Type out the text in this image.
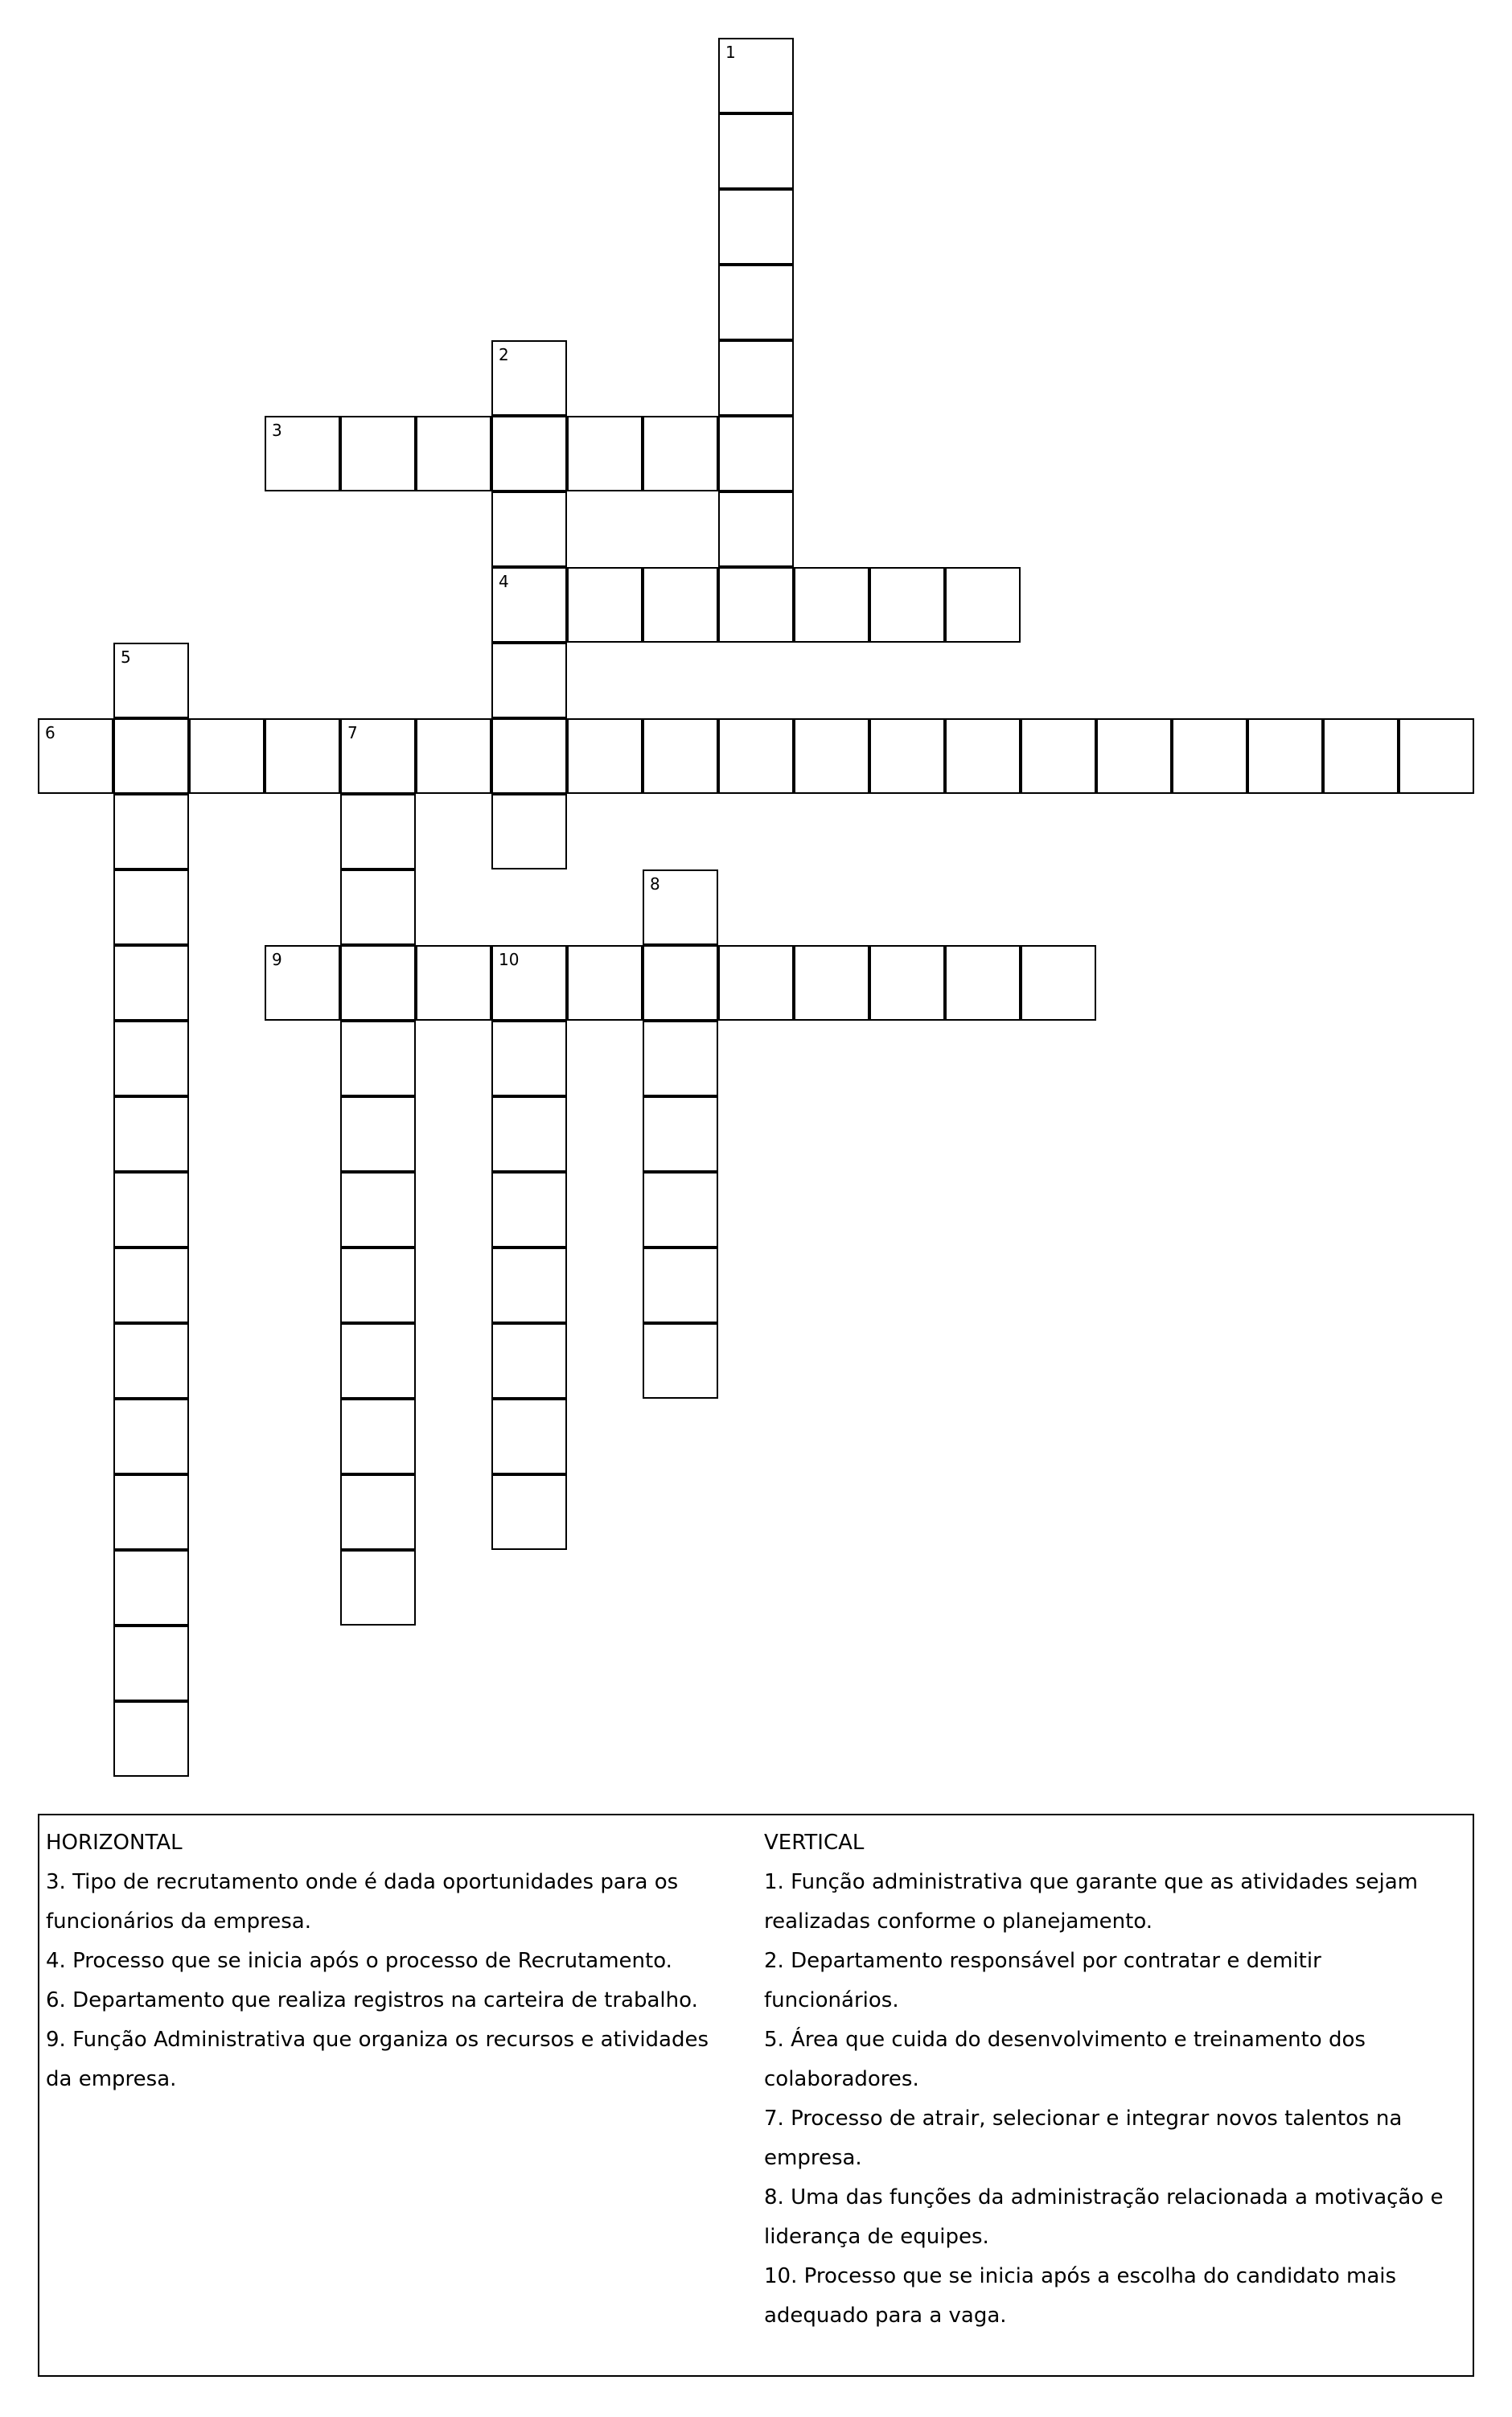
1
2
4
3
5
6	7
8
9	10

HORIZONTAL

3. Tipo de recrutamento onde é dada oportunidades para os

funcionários da empresa.

4. Processo que se inicia após o processo de Recrutamento.

6. Departamento que realiza registros na carteira de trabalho.

9. Função Administrativa que organiza os recursos e atividades

da empresa.

VERTICAL

1. Função administrativa que garante que as atividades sejam

realizadas conforme o planejamento.

2. Departamento responsável por contratar e demitir

funcionários.

5. Área que cuida do desenvolvimento e treinamento dos

colaboradores.

7. Processo de atrair, selecionar e integrar novos talentos na

empresa.

8. Uma das funções da administração relacionada a motivação e

liderança de equipes.

10. Processo que se inicia após a escolha do candidato mais

adequado para a vaga.
